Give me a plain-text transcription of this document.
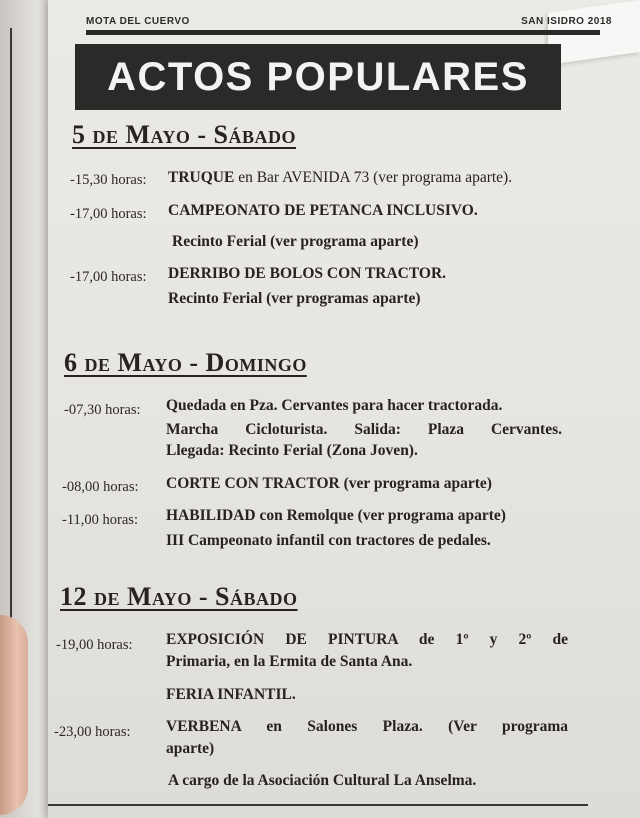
MOTA DEL CUERVO	SAN ISIDRO 2018
ACTOS POPULARES
5 de Mayo - Sábado
-15,30 horas: TRUQUE en Bar AVENIDA 73 (ver programa aparte).
-17,00 horas: CAMPEONATO DE PETANCA INCLUSIVO.
Recinto Ferial (ver programa aparte)
-17,00 horas: DERRIBO DE BOLOS CON TRACTOR.
Recinto Ferial (ver programas aparte)
6 de Mayo - Domingo
-07,30 horas: Quedada en Pza. Cervantes para hacer tractorada.
Marcha Cicloturista. Salida: Plaza Cervantes.
Llegada: Recinto Ferial (Zona Joven).
-08,00 horas: CORTE CON TRACTOR (ver programa aparte)
-11,00 horas: HABILIDAD con Remolque (ver programa aparte)
III Campeonato infantil con tractores de pedales.
12 de Mayo - Sábado
-19,00 horas: EXPOSICIÓN DE PINTURA de 1º y 2º de
Primaria, en la Ermita de Santa Ana.
FERIA INFANTIL.
-23,00 horas: VERBENA en Salones Plaza. (Ver programa
aparte)
A cargo de la Asociación Cultural La Anselma.
